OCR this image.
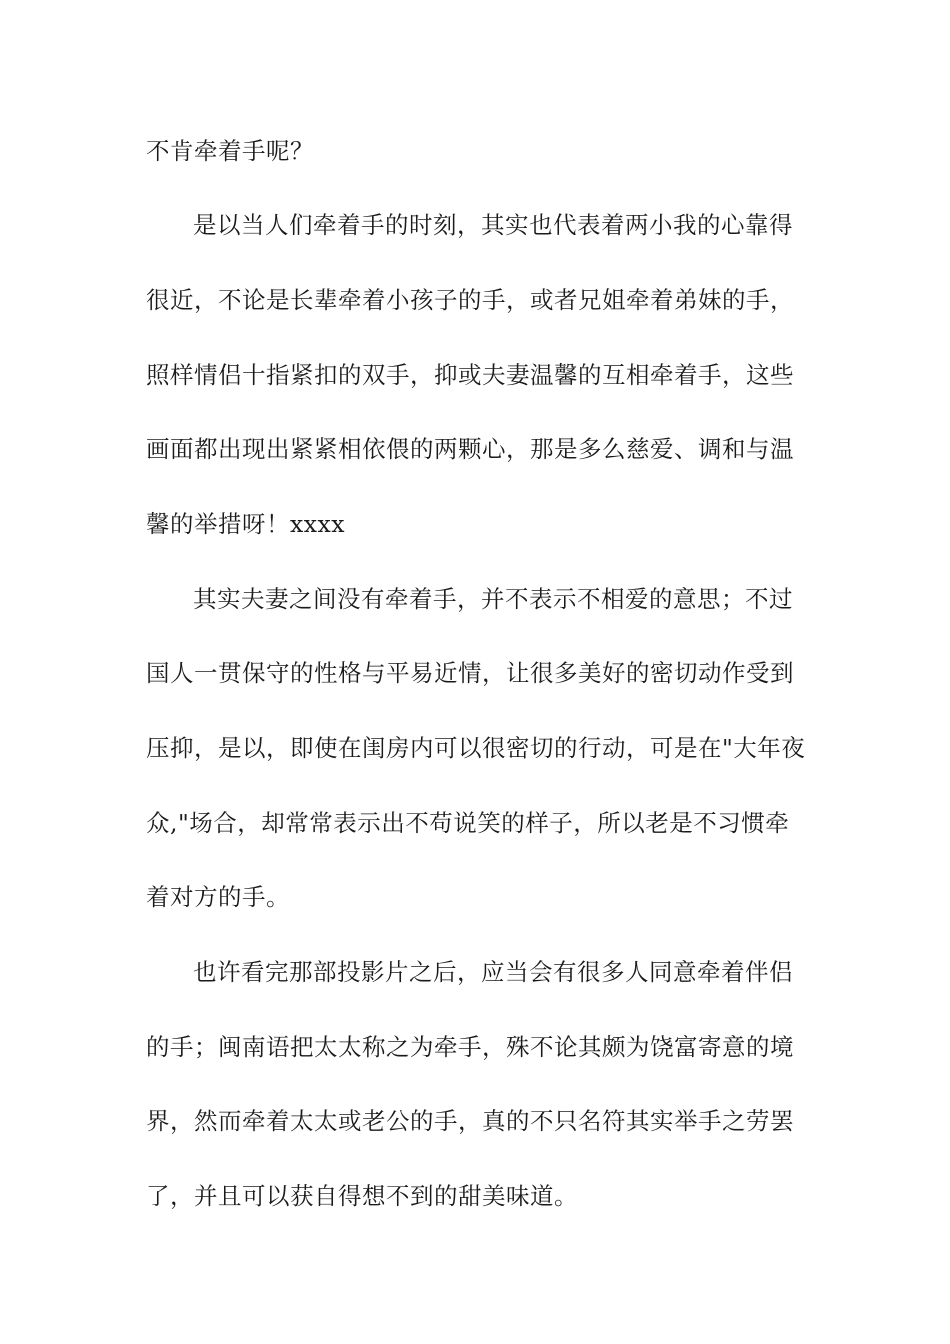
不肯牵着手呢？
是以当人们牵着手的时刻，其实也代表着两小我的心靠得
很近，不论是长辈牵着小孩子的手，或者兄姐牵着弟妹的手，
照样情侣十指紧扣的双手，抑或夫妻温馨的互相牵着手，这些
画面都出现出紧紧相依偎的两颗心，那是多么慈爱、调和与温
馨的举措呀！xxxx
其实夫妻之间没有牵着手，并不表示不相爱的意思；不过
国人一贯保守的性格与平易近情，让很多美好的密切动作受到
压抑，是以，即使在闺房内可以很密切的行动，可是在"大年夜
众,"场合，却常常表示出不苟说笑的样子，所以老是不习惯牵
着对方的手。
也许看完那部投影片之后，应当会有很多人同意牵着伴侣
的手；闽南语把太太称之为牵手，殊不论其颇为饶富寄意的境
界，然而牵着太太或老公的手，真的不只名符其实举手之劳罢
了，并且可以获自得想不到的甜美味道。
